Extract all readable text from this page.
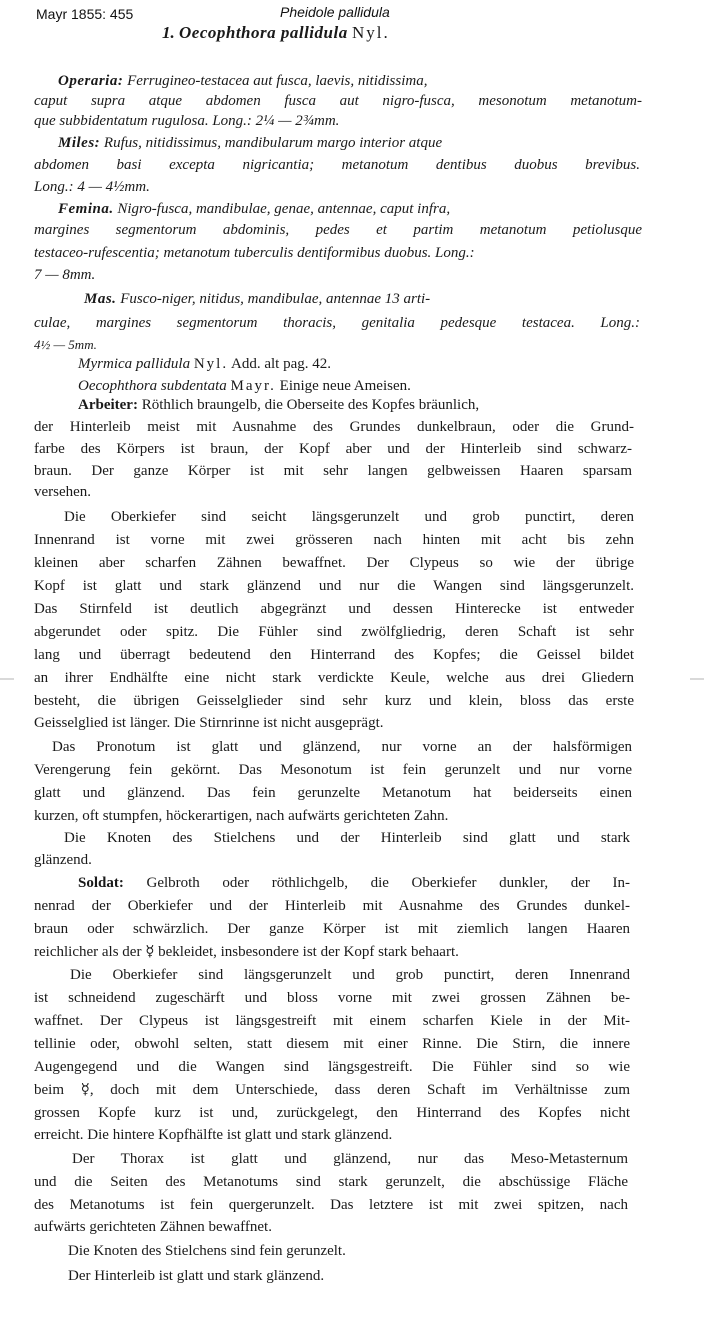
Mayr 1855: 455	Pheidole pallidula
1. Oecophthora pallidula Nyl.
Operaria: Ferrugineo-testacea aut fusca, laevis, nitidissima,
caput supra atque abdomen fusca aut nigro-fusca, mesonotum metanotum-
que subbidentatum rugulosa. Long.: 2¼ — 2¾mm.
Miles: Rufus, nitidissimus, mandibularum margo interior atque
abdomen basi excepta nigricantia; metanotum dentibus duobus brevibus.
Long.: 4 — 4½mm.
Femina. Nigro-fusca, mandibulae, genae, antennae, caput infra,
margines segmentorum abdominis, pedes et partim metanotum petiolusque
testaceo-rufescentia; metanotum tuberculis dentiformibus duobus. Long.:
7 — 8mm.
Mas. Fusco-niger, nitidus, mandibulae, antennae 13 arti-
culae, margines segmentorum thoracis, genitalia pedesque testacea. Long.:
4½ — 5mm.
Myrmica pallidula Nyl. Add. alt pag. 42.
Oecophthora subdentata Mayr. Einige neue Ameisen.
Arbeiter: Röthlich braungelb, die Oberseite des Kopfes bräunlich,
der Hinterleib meist mit Ausnahme des Grundes dunkelbraun, oder die Grund-
farbe des Körpers ist braun, der Kopf aber und der Hinterleib sind schwarz-
braun. Der ganze Körper ist mit sehr langen gelbweissen Haaren sparsam
versehen.
Die Oberkiefer sind seicht längsgerunzelt und grob punctirt, deren
Innenrand ist vorne mit zwei grösseren nach hinten mit acht bis zehn
kleinen aber scharfen Zähnen bewaffnet. Der Clypeus so wie der übrige
Kopf ist glatt und stark glänzend und nur die Wangen sind längsgerunzelt.
Das Stirnfeld ist deutlich abgegränzt und dessen Hinterecke ist entweder
abgerundet oder spitz. Die Fühler sind zwölfgliedrig, deren Schaft ist sehr
lang und überragt bedeutend den Hinterrand des Kopfes; die Geissel bildet
an ihrer Endhälfte eine nicht stark verdickte Keule, welche aus drei Gliedern
besteht, die übrigen Geisselglieder sind sehr kurz und klein, bloss das erste
Geisselglied ist länger. Die Stirnrinne ist nicht ausgeprägt.
Das Pronotum ist glatt und glänzend, nur vorne an der halsförmigen
Verengerung fein gekörnt. Das Mesonotum ist fein gerunzelt und nur vorne
glatt und glänzend. Das fein gerunzelte Metanotum hat beiderseits einen
kurzen, oft stumpfen, höckerartigen, nach aufwärts gerichteten Zahn.
Die Knoten des Stielchens und der Hinterleib sind glatt und stark
glänzend.
Soldat: Gelbroth oder röthlichgelb, die Oberkiefer dunkler, der In-
nenrad der Oberkiefer und der Hinterleib mit Ausnahme des Grundes dunkel-
braun oder schwärzlich. Der ganze Körper ist mit ziemlich langen Haaren
reichlicher als der ☿ bekleidet, insbesondere ist der Kopf stark behaart.
Die Oberkiefer sind längsgerunzelt und grob punctirt, deren Innenrand
ist schneidend zugeschärft und bloss vorne mit zwei grossen Zähnen be-
waffnet. Der Clypeus ist längsgestreift mit einem scharfen Kiele in der Mit-
tellinie oder, obwohl selten, statt diesem mit einer Rinne. Die Stirn, die innere
Augengegend und die Wangen sind längsgestreift. Die Fühler sind so wie
beim ☿, doch mit dem Unterschiede, dass deren Schaft im Verhältnisse zum
grossen Kopfe kurz ist und, zurückgelegt, den Hinterrand des Kopfes nicht
erreicht. Die hintere Kopfhälfte ist glatt und stark glänzend.
Der Thorax ist glatt und glänzend, nur das Meso-Metasternum
und die Seiten des Metanotums sind stark gerunzelt, die abschüssige Fläche
des Metanotums ist fein quergerunzelt. Das letztere ist mit zwei spitzen, nach
aufwärts gerichteten Zähnen bewaffnet.
Die Knoten des Stielchens sind fein gerunzelt.
Der Hinterleib ist glatt und stark glänzend.
